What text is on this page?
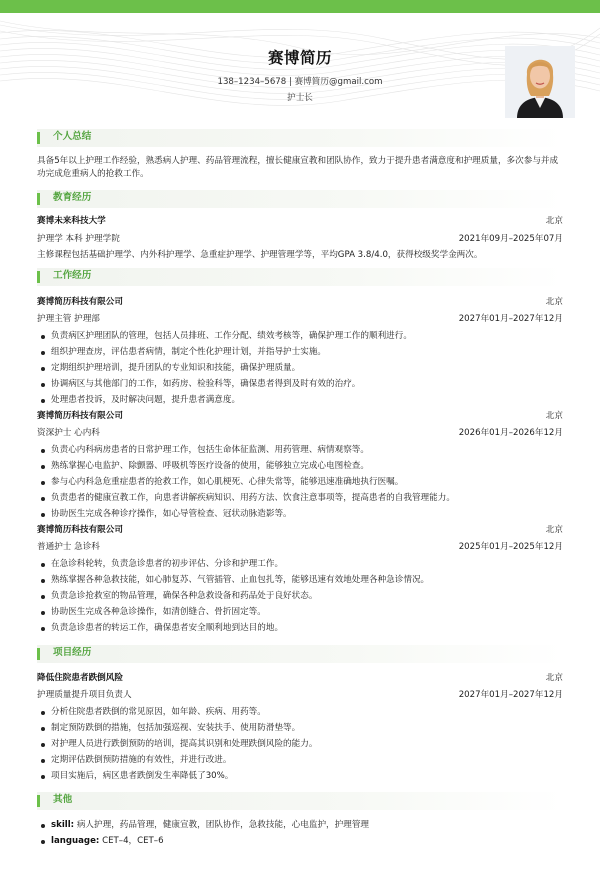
赛博简历
138–1234–5678 | 赛博简历@gmail.com
护士长
个人总结
具备5年以上护理工作经验，熟悉病人护理、药品管理流程，擅长健康宣教和团队协作，致力于提升患者满意度和护理质量，多次参与并成功完成危重病人的抢救工作。
教育经历
赛博未来科技大学	北京
护理学 本科 护理学院	2021年09月–2025年07月
主修课程包括基础护理学、内外科护理学、急重症护理学、护理管理学等，平均GPA 3.8/4.0，获得校级奖学金两次。
工作经历
赛博简历科技有限公司	北京
护理主管 护理部	2027年01月–2027年12月
负责病区护理团队的管理，包括人员排班、工作分配、绩效考核等，确保护理工作的顺利进行。
组织护理查房，评估患者病情，制定个性化护理计划，并指导护士实施。
定期组织护理培训，提升团队的专业知识和技能，确保护理质量。
协调病区与其他部门的工作，如药房、检验科等，确保患者得到及时有效的治疗。
处理患者投诉，及时解决问题，提升患者满意度。
赛博简历科技有限公司	北京
资深护士 心内科	2026年01月–2026年12月
负责心内科病房患者的日常护理工作，包括生命体征监测、用药管理、病情观察等。
熟练掌握心电监护、除颤器、呼吸机等医疗设备的使用，能够独立完成心电图检查。
参与心内科急危重症患者的抢救工作，如心肌梗死、心律失常等，能够迅速准确地执行医嘱。
负责患者的健康宣教工作，向患者讲解疾病知识、用药方法、饮食注意事项等，提高患者的自我管理能力。
协助医生完成各种诊疗操作，如心导管检查、冠状动脉造影等。
赛博简历科技有限公司	北京
普通护士 急诊科	2025年01月–2025年12月
在急诊科轮转，负责急诊患者的初步评估、分诊和护理工作。
熟练掌握各种急救技能，如心肺复苏、气管插管、止血包扎等，能够迅速有效地处理各种急诊情况。
负责急诊抢救室的物品管理，确保各种急救设备和药品处于良好状态。
协助医生完成各种急诊操作，如清创缝合、骨折固定等。
负责急诊患者的转运工作，确保患者安全顺利地到达目的地。
项目经历
降低住院患者跌倒风险	北京
护理质量提升项目负责人	2027年01月–2027年12月
分析住院患者跌倒的常见原因，如年龄、疾病、用药等。
制定预防跌倒的措施，包括加强巡视、安装扶手、使用防滑垫等。
对护理人员进行跌倒预防的培训，提高其识别和处理跌倒风险的能力。
定期评估跌倒预防措施的有效性，并进行改进。
项目实施后，病区患者跌倒发生率降低了30%。
其他
skill: 病人护理，药品管理，健康宣教，团队协作，急救技能，心电监护，护理管理
language: CET–4，CET–6
